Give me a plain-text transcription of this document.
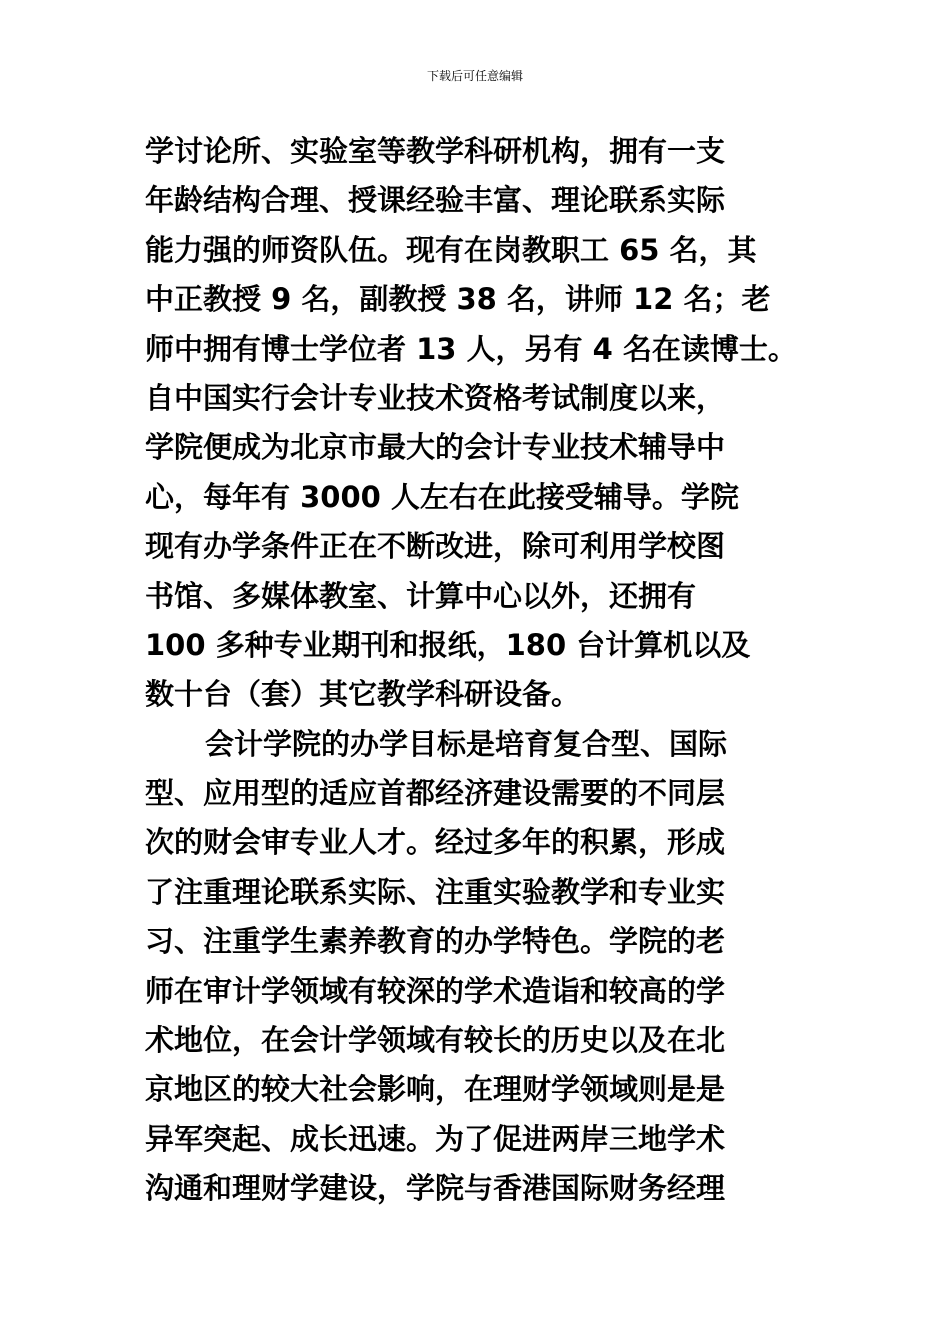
下载后可任意编辑
学讨论所、实验室等教学科研机构，拥有一支
年龄结构合理、授课经验丰富、理论联系实际
能力强的师资队伍。现有在岗教职工 65 名，其
中正教授 9 名，副教授 38 名，讲师 12 名；老
师中拥有博士学位者 13 人，另有 4 名在读博士。
自中国实行会计专业技术资格考试制度以来，
学院便成为北京市最大的会计专业技术辅导中
心，每年有 3000 人左右在此接受辅导。学院
现有办学条件正在不断改进，除可利用学校图
书馆、多媒体教室、计算中心以外，还拥有
100 多种专业期刊和报纸，180 台计算机以及
数十台（套）其它教学科研设备。
会计学院的办学目标是培育复合型、国际
型、应用型的适应首都经济建设需要的不同层
次的财会审专业人才。经过多年的积累，形成
了注重理论联系实际、注重实验教学和专业实
习、注重学生素养教育的办学特色。学院的老
师在审计学领域有较深的学术造诣和较高的学
术地位，在会计学领域有较长的历史以及在北
京地区的较大社会影响，在理财学领域则是是
异军突起、成长迅速。为了促进两岸三地学术
沟通和理财学建设，学院与香港国际财务经理
